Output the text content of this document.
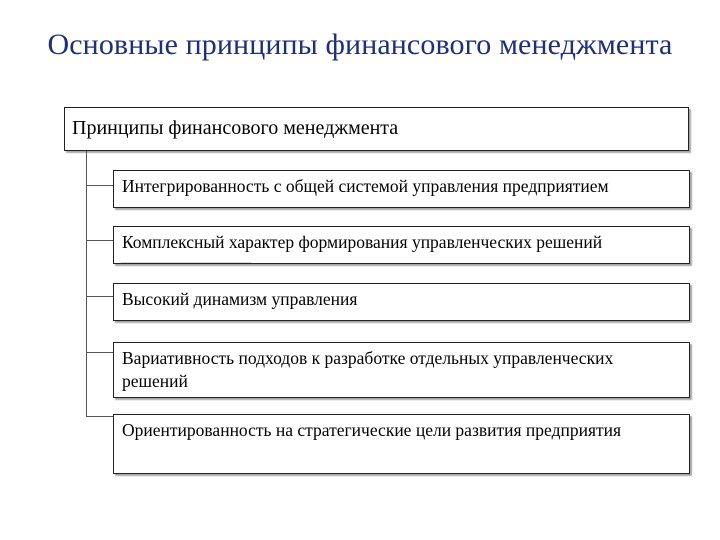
Основные принципы финансового менеджмента
Принципы финансового менеджмента
Интегрированность с общей системой управления предприятием
Комплексный характер формирования управленческих решений
Высокий динамизм управления
Вариативность подходов к разработке отдельных управленческих решений
Ориентированность на стратегические цели развития предприятия
